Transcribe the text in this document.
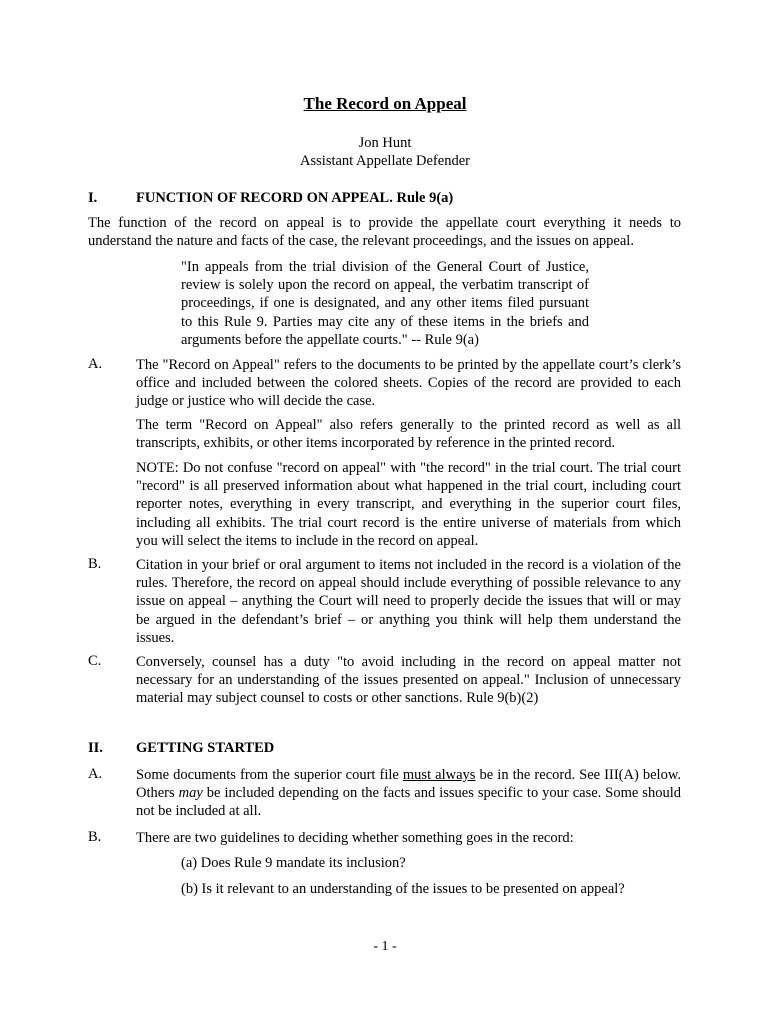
The Record on Appeal
Jon Hunt
Assistant Appellate Defender
I.	FUNCTION OF RECORD ON APPEAL. Rule 9(a)
The function of the record on appeal is to provide the appellate court everything it needs to understand the nature and facts of the case, the relevant proceedings, and the issues on appeal.
"In appeals from the trial division of the General Court of Justice, review is solely upon the record on appeal, the verbatim transcript of proceedings, if one is designated, and any other items filed pursuant to this Rule 9. Parties may cite any of these items in the briefs and arguments before the appellate courts." -- Rule 9(a)
A. The "Record on Appeal" refers to the documents to be printed by the appellate court’s clerk’s office and included between the colored sheets. Copies of the record are provided to each judge or justice who will decide the case.
The term "Record on Appeal" also refers generally to the printed record as well as all transcripts, exhibits, or other items incorporated by reference in the printed record.
NOTE: Do not confuse "record on appeal" with "the record" in the trial court. The trial court "record" is all preserved information about what happened in the trial court, including court reporter notes, everything in every transcript, and everything in the superior court files, including all exhibits. The trial court record is the entire universe of materials from which you will select the items to include in the record on appeal.
B. Citation in your brief or oral argument to items not included in the record is a violation of the rules. Therefore, the record on appeal should include everything of possible relevance to any issue on appeal – anything the Court will need to properly decide the issues that will or may be argued in the defendant’s brief – or anything you think will help them understand the issues.
C. Conversely, counsel has a duty "to avoid including in the record on appeal matter not necessary for an understanding of the issues presented on appeal." Inclusion of unnecessary material may subject counsel to costs or other sanctions. Rule 9(b)(2)
II. GETTING STARTED
A. Some documents from the superior court file must always be in the record. See III(A) below. Others may be included depending on the facts and issues specific to your case. Some should not be included at all.
B. There are two guidelines to deciding whether something goes in the record:
(a) Does Rule 9 mandate its inclusion?
(b) Is it relevant to an understanding of the issues to be presented on appeal?
- 1 -
